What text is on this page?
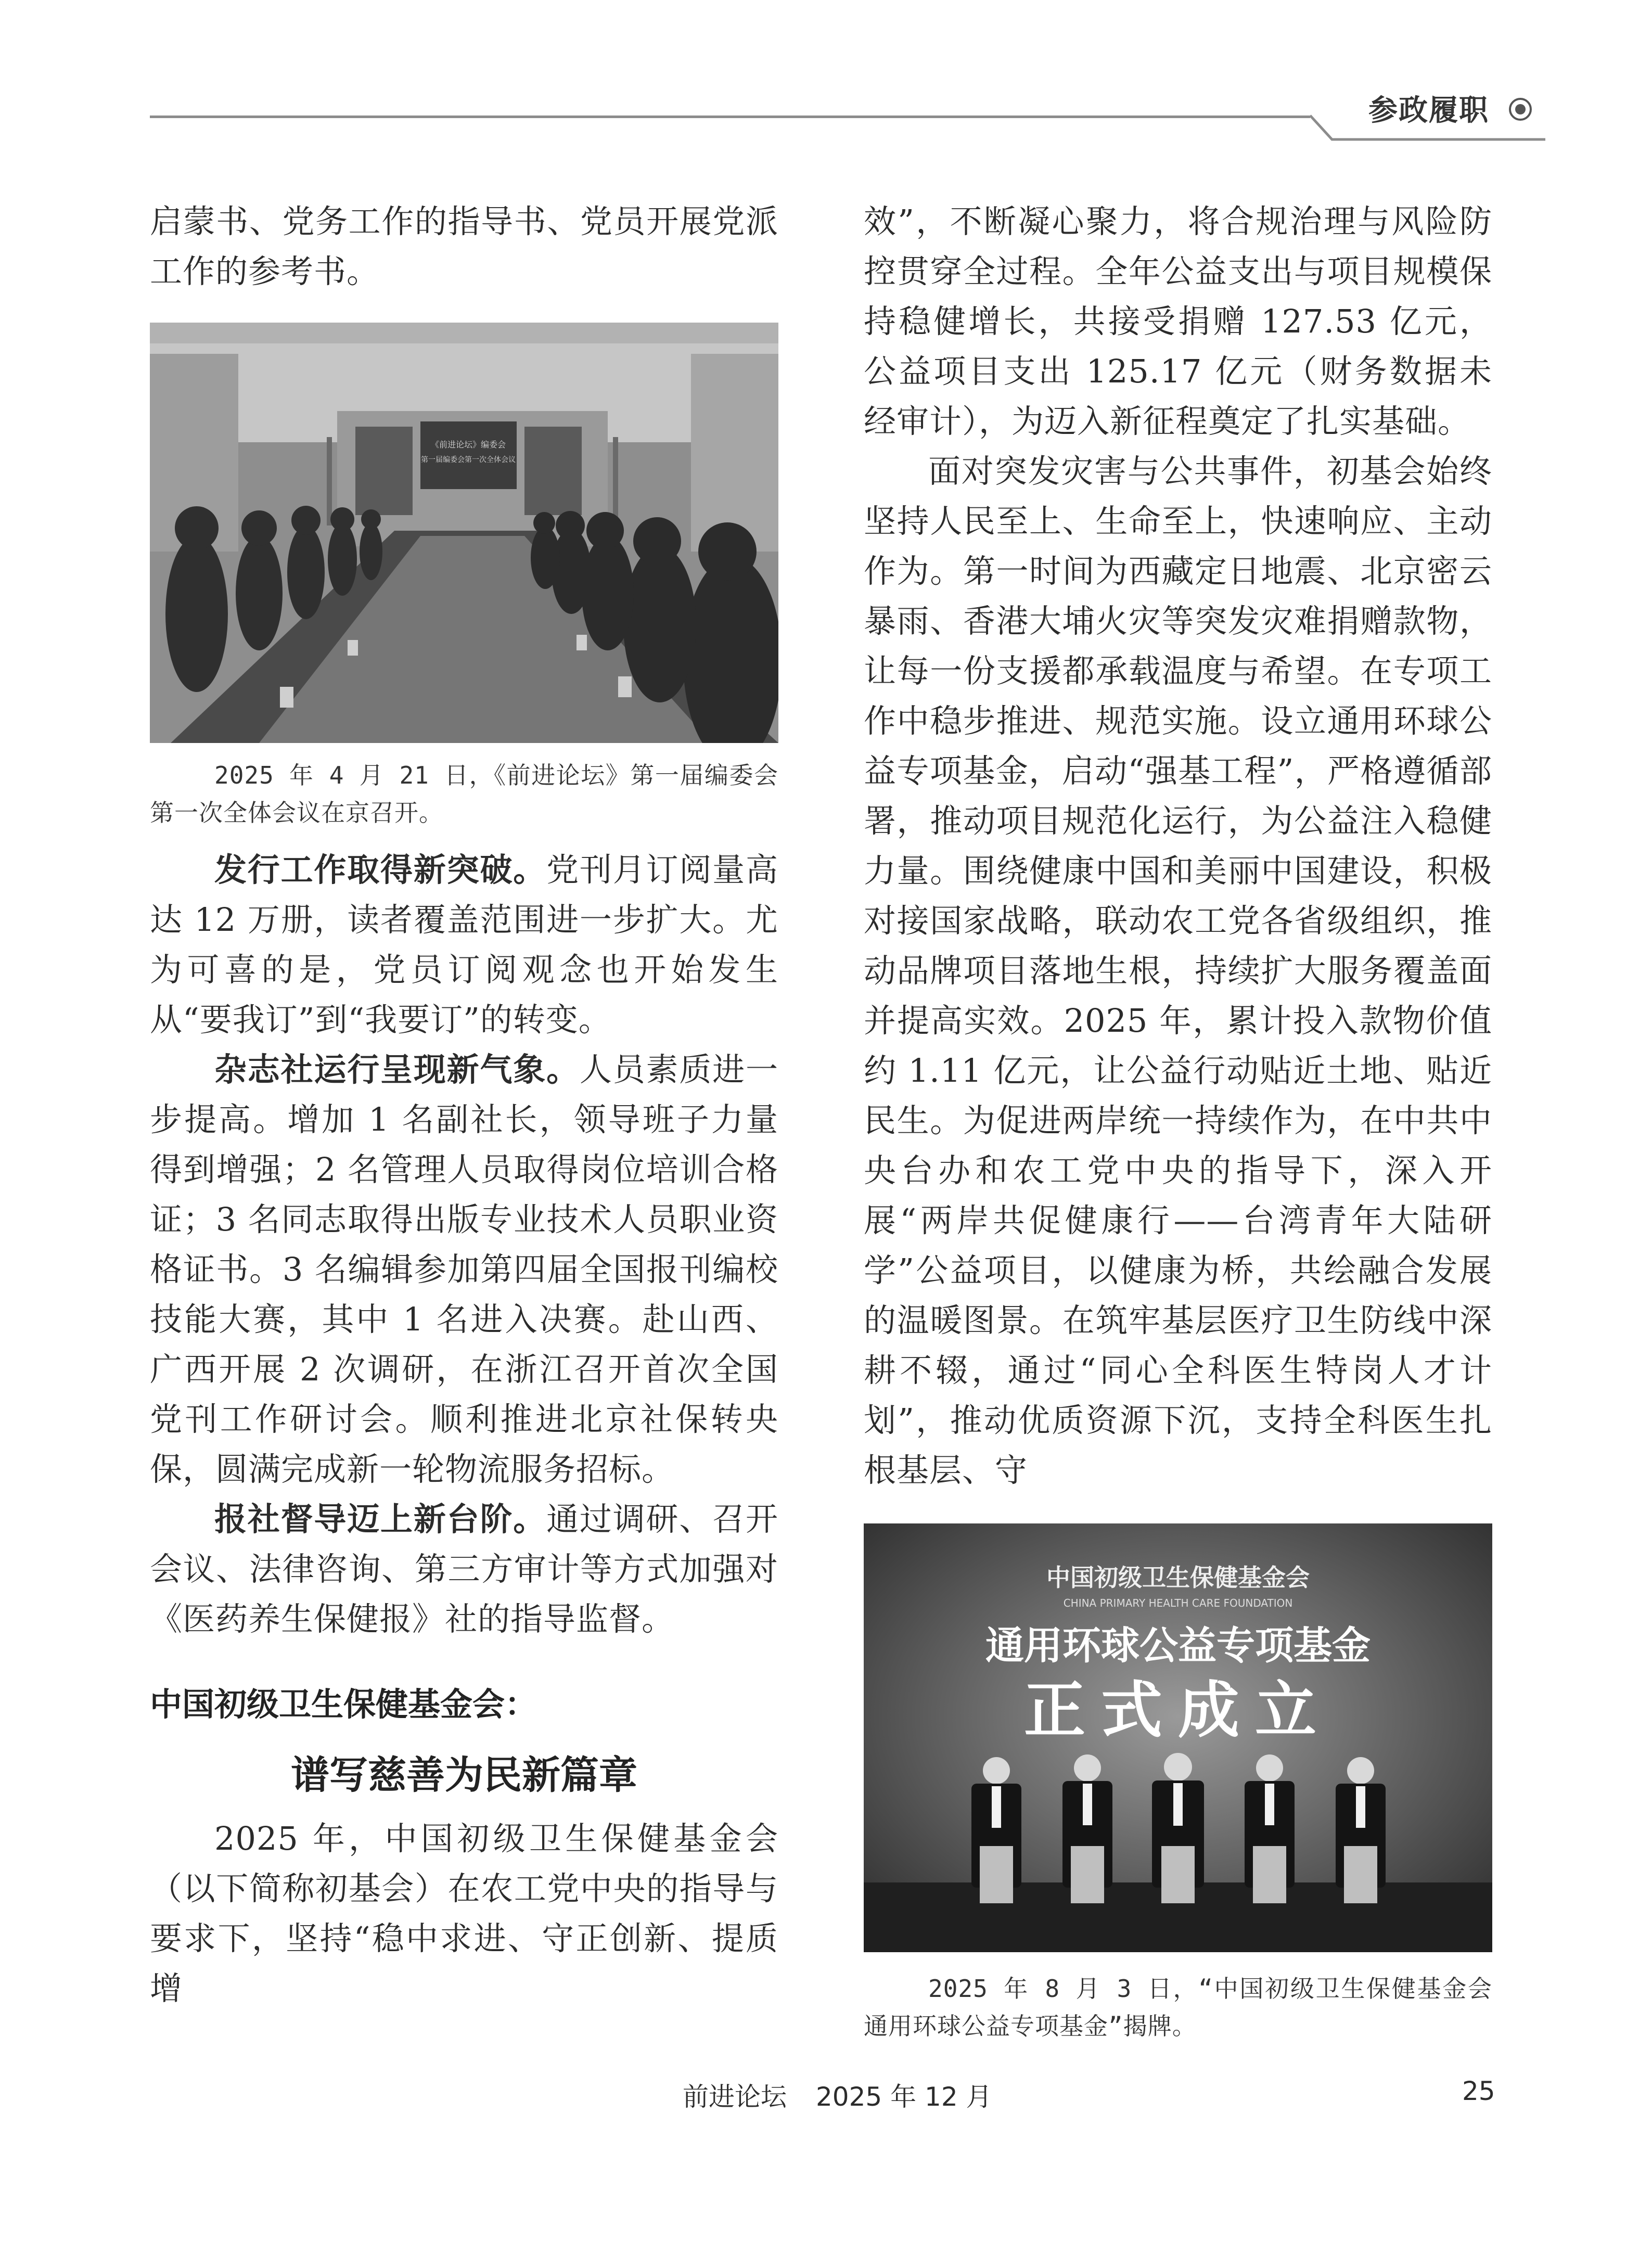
参政履职

启蒙书、党务工作的指导书、党员开展党派工作的参考书。

《前进论坛》编委会
第一届编委会第一次全体会议

2025 年 4 月 21 日，《前进论坛》第一届编委会第一次全体会议在京召开。

发行工作取得新突破。党刊月订阅量高达 12 万册，读者覆盖范围进一步扩大。尤为可喜的是，党员订阅观念也开始发生从“要我订”到“我要订”的转变。

杂志社运行呈现新气象。人员素质进一步提高。增加 1 名副社长，领导班子力量得到增强；2 名管理人员取得岗位培训合格证；3 名同志取得出版专业技术人员职业资格证书。3 名编辑参加第四届全国报刊编校技能大赛，其中 1 名进入决赛。赴山西、广西开展 2 次调研，在浙江召开首次全国党刊工作研讨会。顺利推进北京社保转央保，圆满完成新一轮物流服务招标。

报社督导迈上新台阶。通过调研、召开会议、法律咨询、第三方审计等方式加强对《医药养生保健报》社的指导监督。

中国初级卫生保健基金会：
谱写慈善为民新篇章

2025 年，中国初级卫生保健基金会（以下简称初基会）在农工党中央的指导与要求下，坚持“稳中求进、守正创新、提质增

效”，不断凝心聚力，将合规治理与风险防控贯穿全过程。全年公益支出与项目规模保持稳健增长，共接受捐赠 127.53 亿元，公益项目支出 125.17 亿元（财务数据未经审计），为迈入新征程奠定了扎实基础。

面对突发灾害与公共事件，初基会始终坚持人民至上、生命至上，快速响应、主动作为。第一时间为西藏定日地震、北京密云暴雨、香港大埔火灾等突发灾难捐赠款物，让每一份支援都承载温度与希望。在专项工作中稳步推进、规范实施。设立通用环球公益专项基金，启动“强基工程”，严格遵循部署，推动项目规范化运行，为公益注入稳健力量。围绕健康中国和美丽中国建设，积极对接国家战略，联动农工党各省级组织，推动品牌项目落地生根，持续扩大服务覆盖面并提高实效。2025 年，累计投入款物价值约 1.11 亿元，让公益行动贴近土地、贴近民生。为促进两岸统一持续作为，在中共中央台办和农工党中央的指导下，深入开展“两岸共促健康行——台湾青年大陆研学”公益项目，以健康为桥，共绘融合发展的温暖图景。在筑牢基层医疗卫生防线中深耕不辍，通过“同心全科医生特岗人才计划”，推动优质资源下沉，支持全科医生扎根基层、守

中国初级卫生保健基金会
CHINA PRIMARY HEALTH CARE FOUNDATION
通用环球公益专项基金
正式成立

2025 年 8 月 3 日，“中国初级卫生保健基金会通用环球公益专项基金”揭牌。

前进论坛 2025 年 12 月	25
